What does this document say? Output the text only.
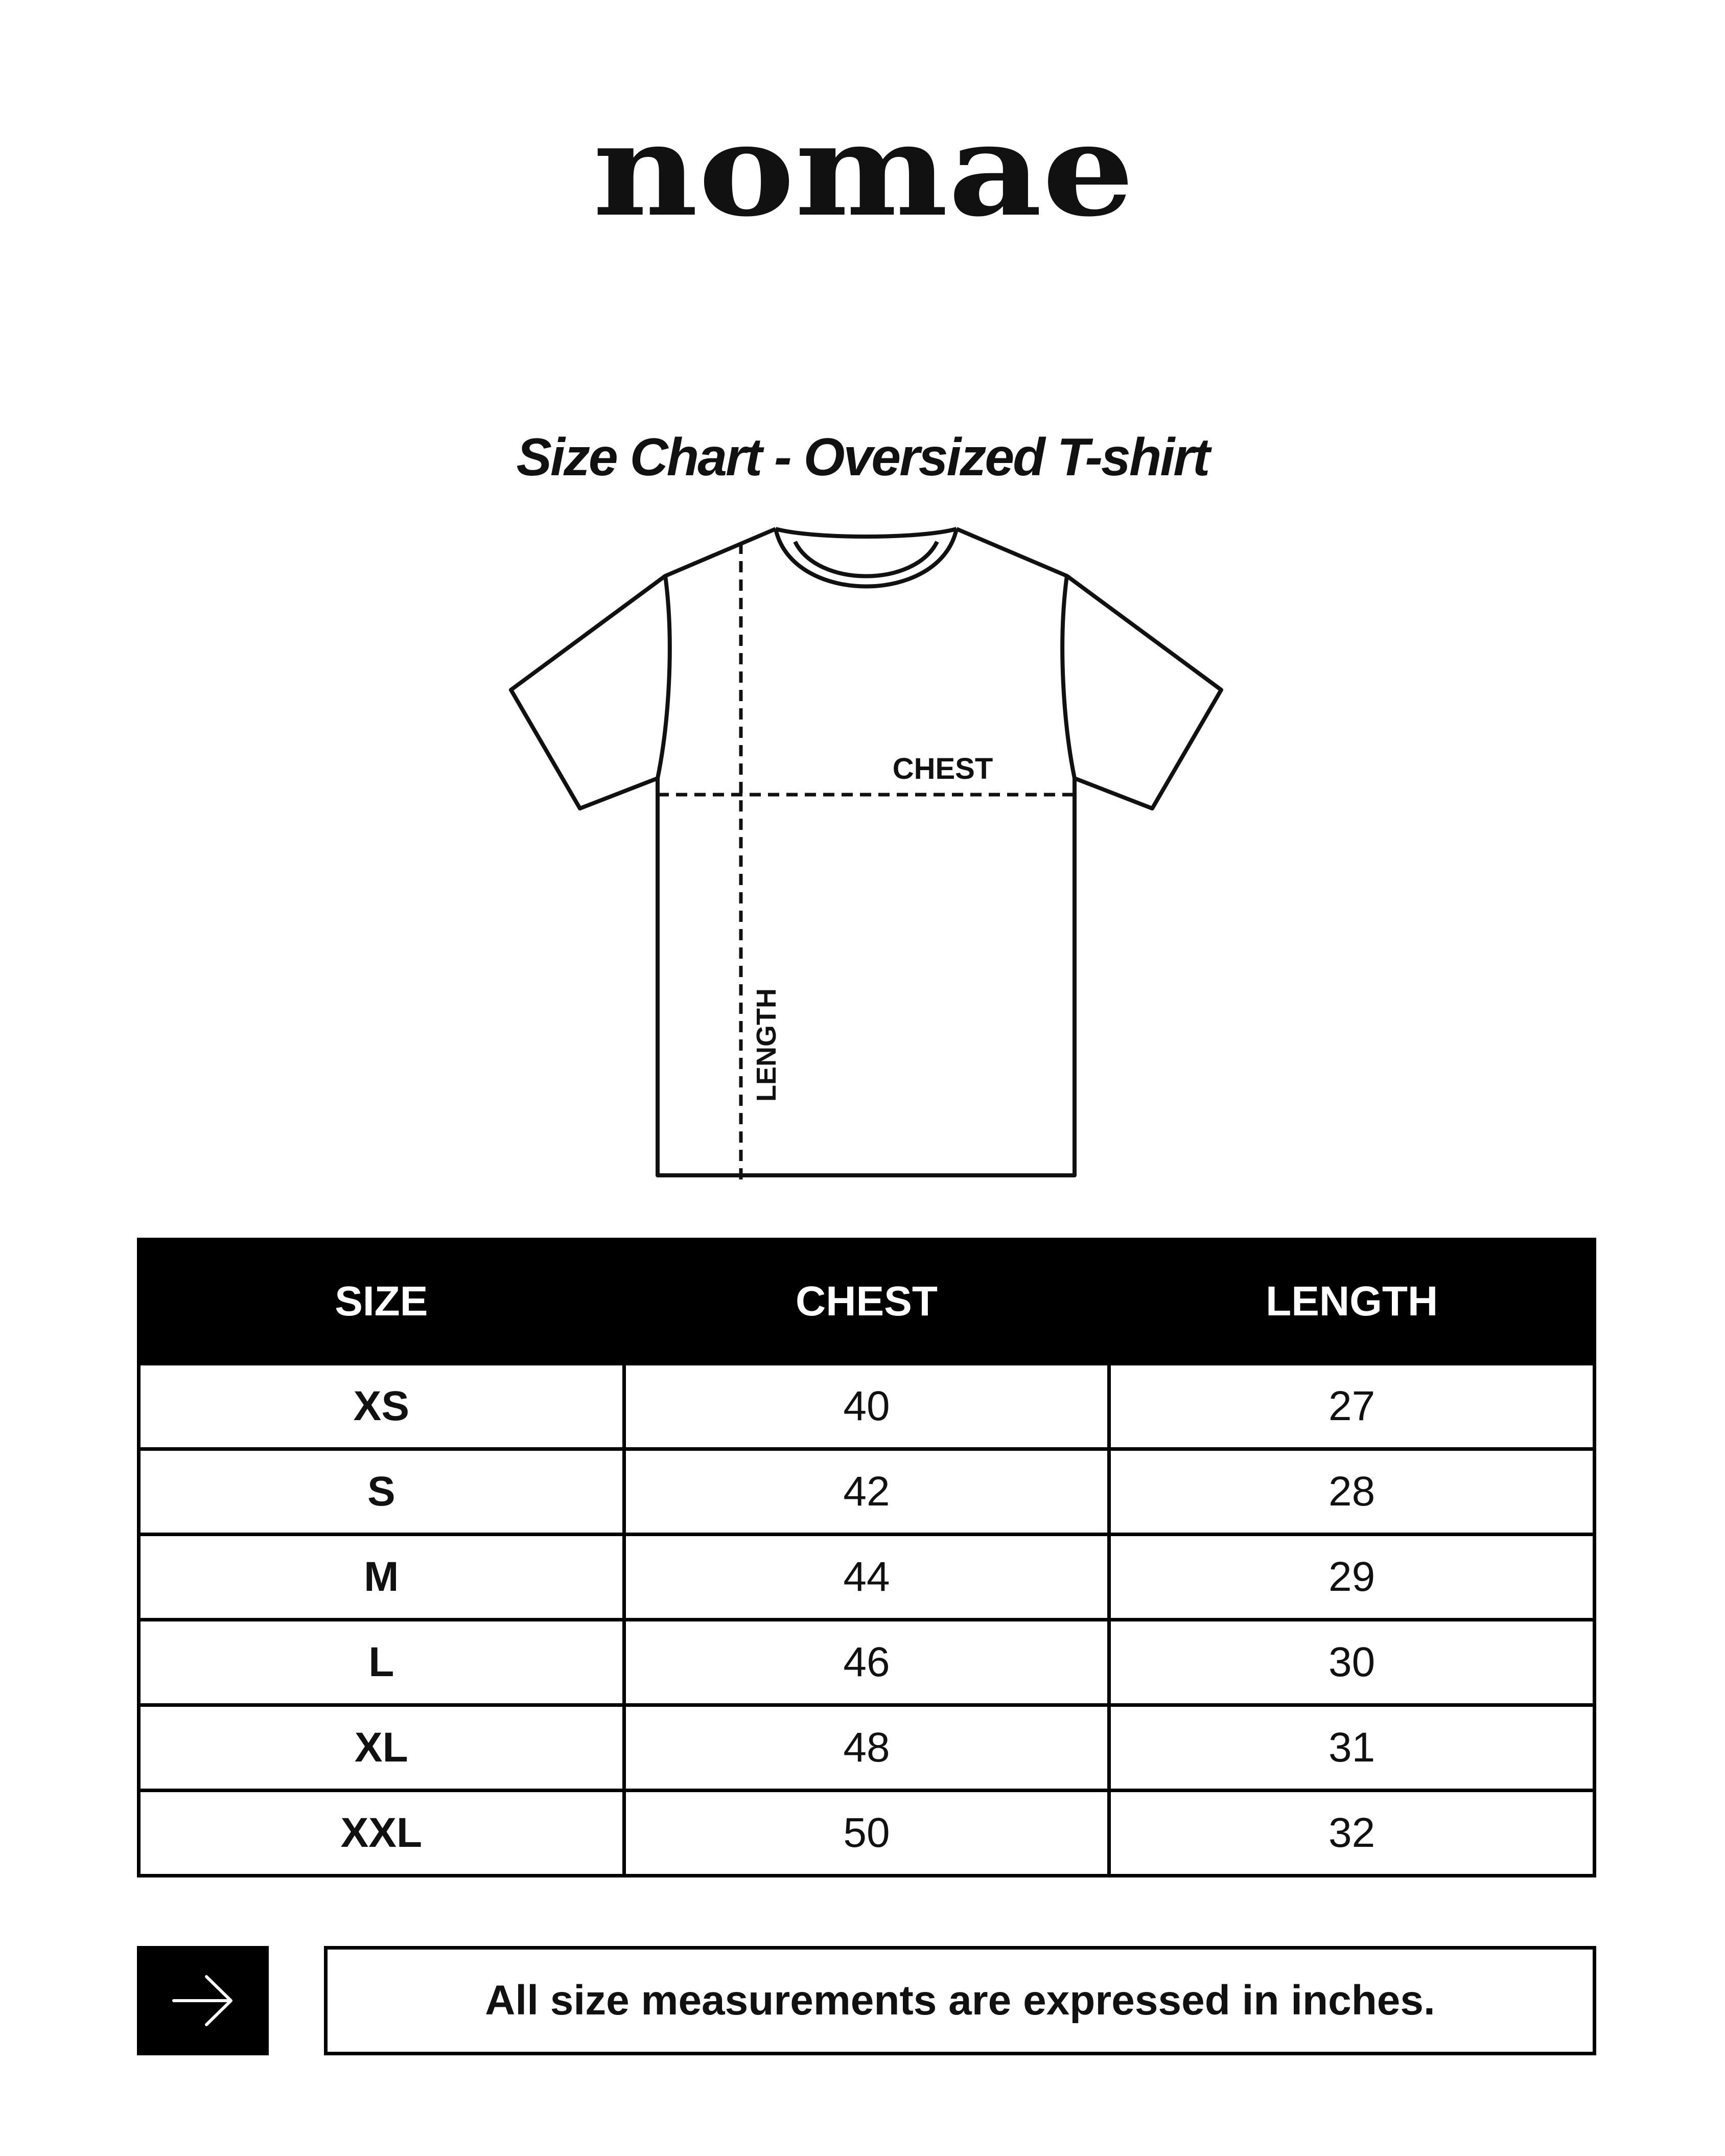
nomae
Size Chart - Oversized T-shirt
CHEST
LENGTH
SIZE	CHEST	LENGTH
XS	40	27
S	42	28
M	44	29
L	46	30
XL	48	31
XXL	50	32
All size measurements are expressed in inches.
